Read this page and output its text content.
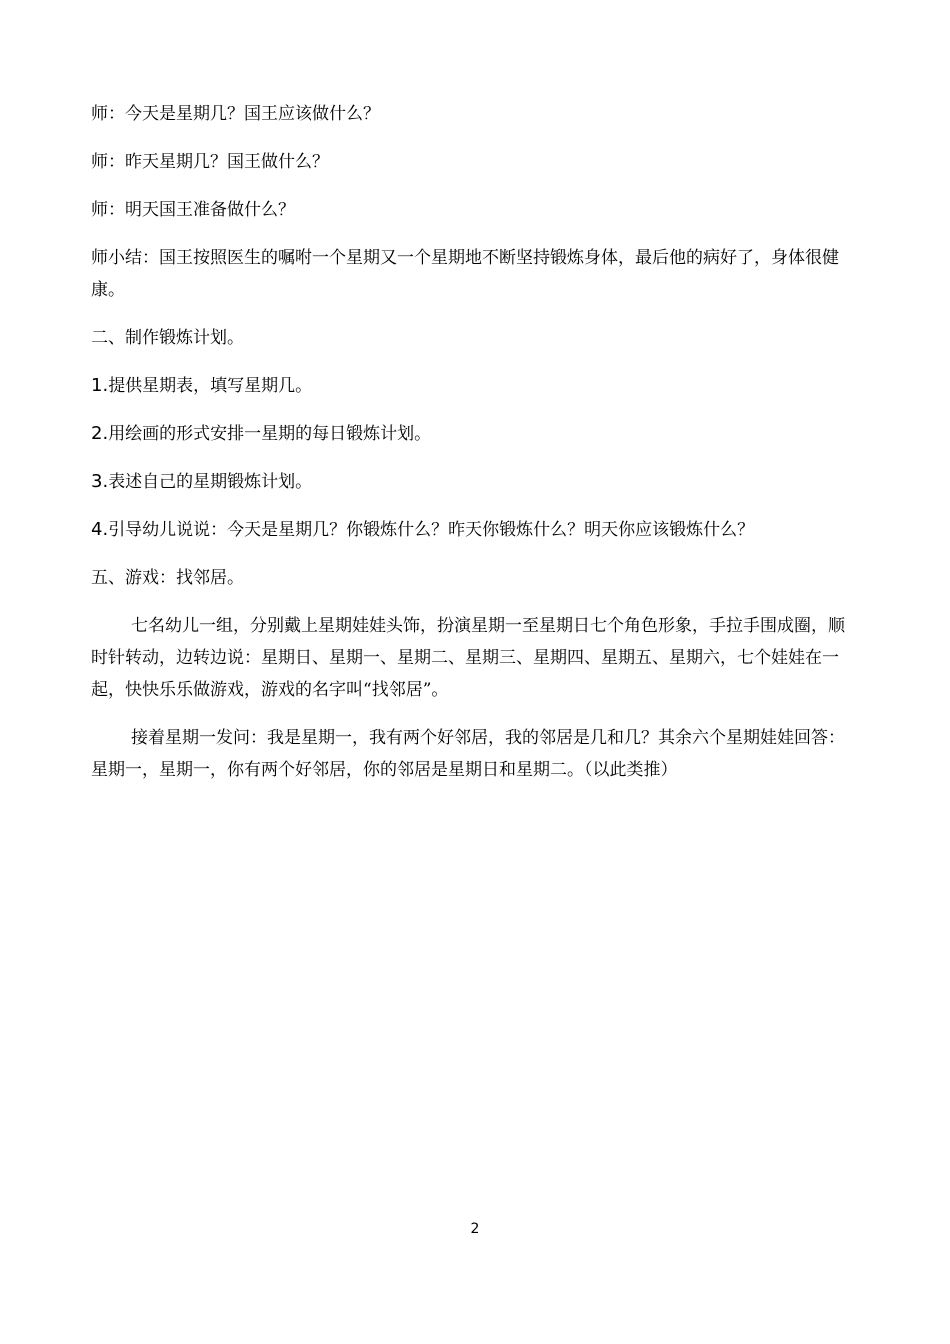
师：今天是星期几？国王应该做什么？

师：昨天星期几？国王做什么？

师：明天国王准备做什么？

师小结：国王按照医生的嘱咐一个星期又一个星期地不断坚持锻炼身体，最后他的病好了，身体很健康。

二、制作锻炼计划。

1.提供星期表，填写星期几。

2.用绘画的形式安排一星期的每日锻炼计划。

3.表述自己的星期锻炼计划。

4.引导幼儿说说：今天是星期几？你锻炼什么？昨天你锻炼什么？明天你应该锻炼什么？

五、游戏：找邻居。

七名幼儿一组，分别戴上星期娃娃头饰，扮演星期一至星期日七个角色形象，手拉手围成圈，顺时针转动，边转边说：星期日、星期一、星期二、星期三、星期四、星期五、星期六，七个娃娃在一起，快快乐乐做游戏，游戏的名字叫“找邻居”。

接着星期一发问：我是星期一，我有两个好邻居，我的邻居是几和几？其余六个星期娃娃回答：星期一，星期一，你有两个好邻居，你的邻居是星期日和星期二。（以此类推）

2
